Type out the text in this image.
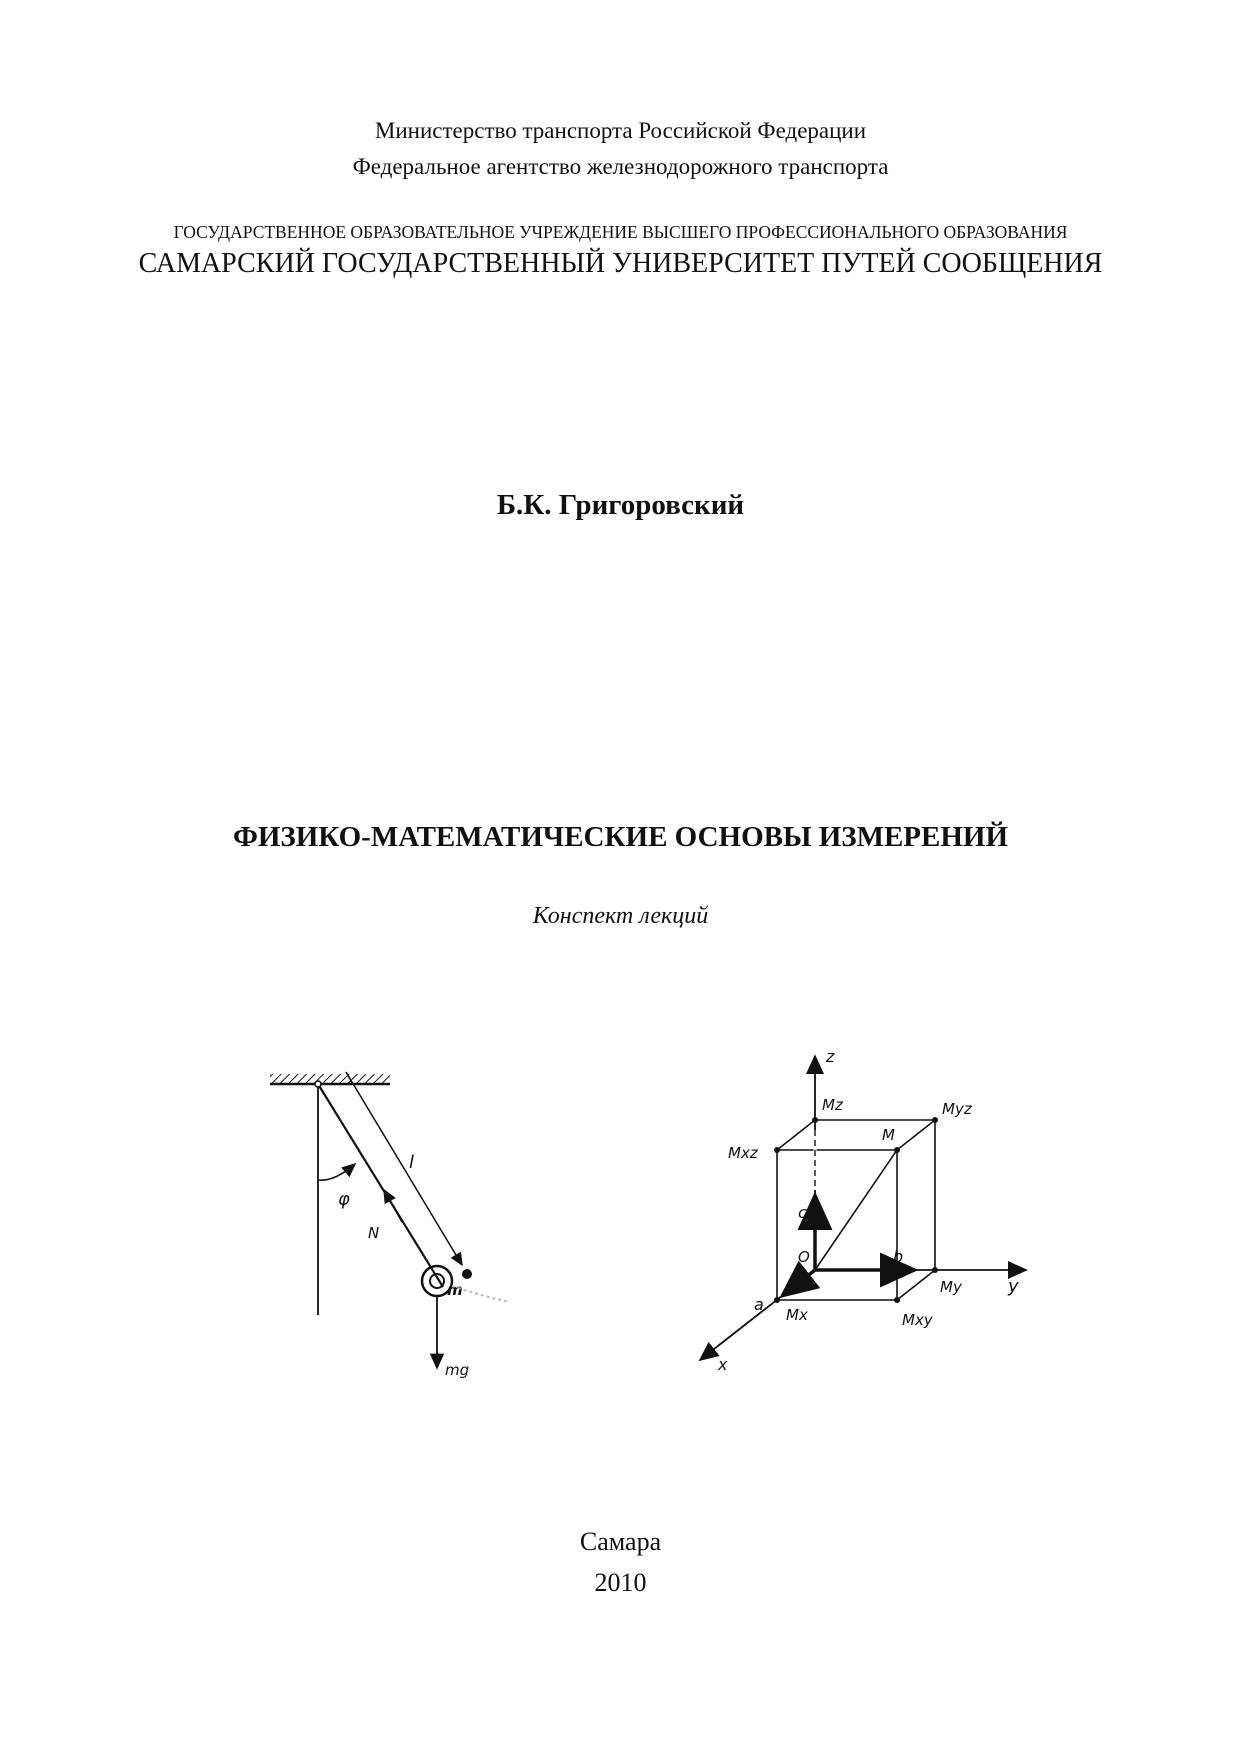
Министерство транспорта Российской Федерации
Федеральное агентство железнодорожного транспорта
ГОСУДАРСТВЕННОЕ ОБРАЗОВАТЕЛЬНОЕ УЧРЕЖДЕНИЕ ВЫСШЕГО ПРОФЕССИОНАЛЬНОГО ОБРАЗОВАНИЯ
САМАРСКИЙ ГОСУДАРСТВЕННЫЙ УНИВЕРСИТЕТ ПУТЕЙ СООБЩЕНИЯ
Б.К. Григоровский
ФИЗИКО-МАТЕМАТИЧЕСКИЕ ОСНОВЫ ИЗМЕРЕНИЙ
Конспект лекций
φ
l
N
m
mg
z
y
x
c
b
a
O
Mz	Myz
Mxz
M
My
Mx	Mxy
Самара
2010
